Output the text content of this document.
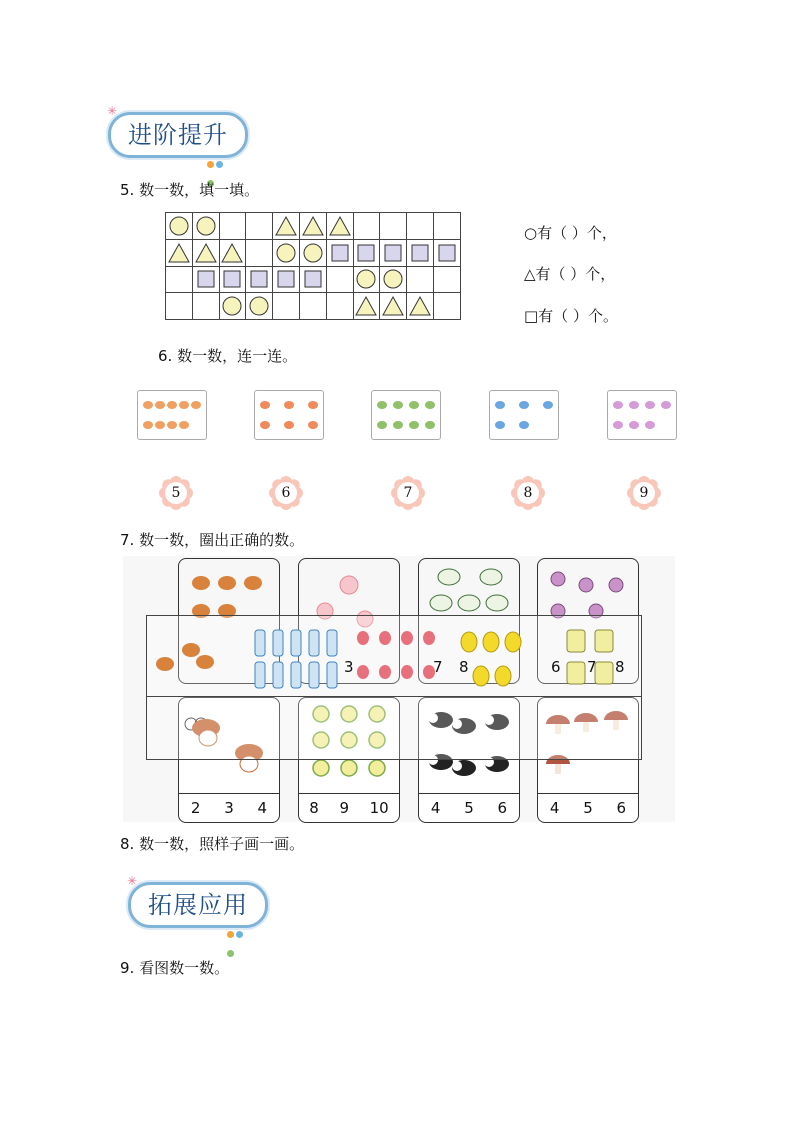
✳
进阶提升
5. 数一数，填一填。

○有（ ）个，
△有（ ）个，
□有（ ）个。
6. 数一数，连一连。
5	6	7	8	9
7. 数一数，圈出正确的数。
2 3 4	8 9 10	4 5 6	4 5 6
3	7 8	6 7 8
8. 数一数，照样子画一画。
✳
拓展应用
9. 看图数一数。
